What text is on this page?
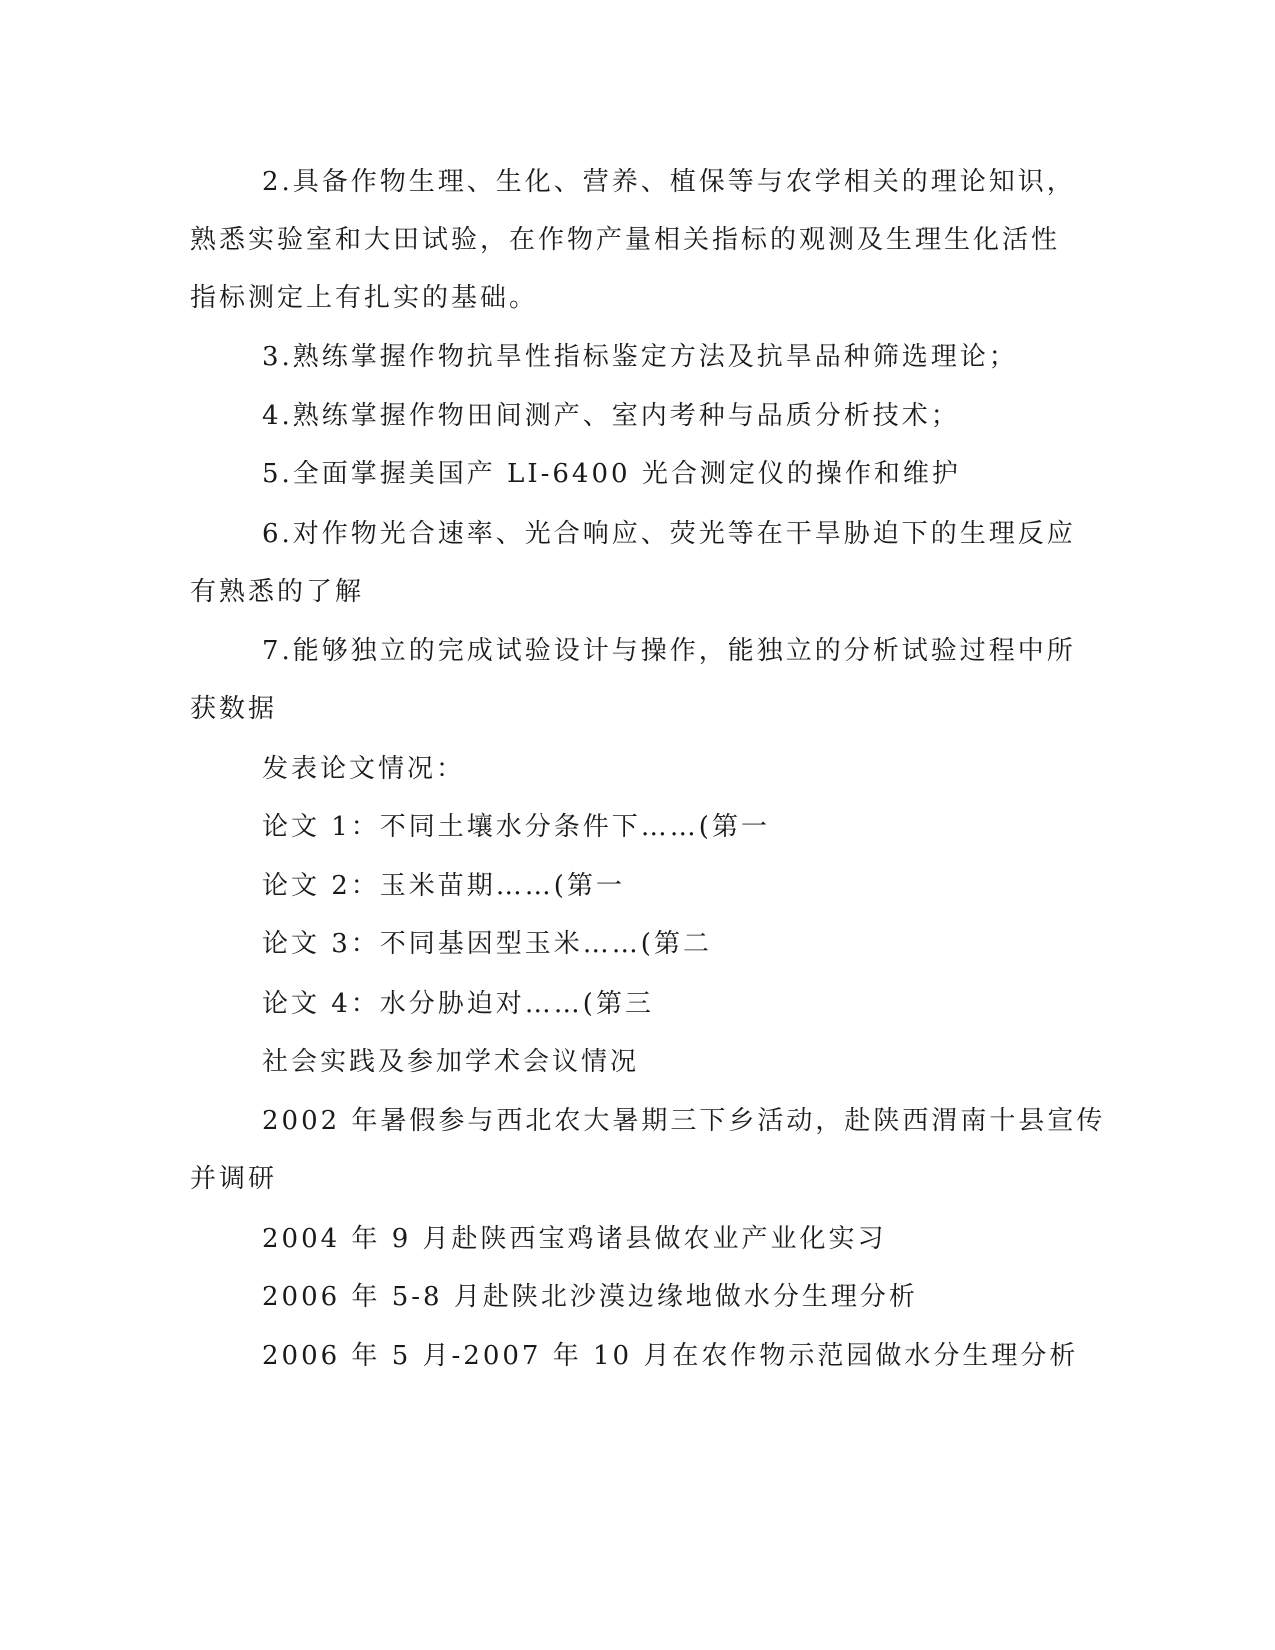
2.具备作物生理、生化、营养、植保等与农学相关的理论知识，
熟悉实验室和大田试验，在作物产量相关指标的观测及生理生化活性
指标测定上有扎实的基础。
3.熟练掌握作物抗旱性指标鉴定方法及抗旱品种筛选理论；
4.熟练掌握作物田间测产、室内考种与品质分析技术；
5.全面掌握美国产 LI-6400 光合测定仪的操作和维护
6.对作物光合速率、光合响应、荧光等在干旱胁迫下的生理反应
有熟悉的了解
7.能够独立的完成试验设计与操作，能独立的分析试验过程中所
获数据
发表论文情况：
论文 1：不同土壤水分条件下……(第一
论文 2：玉米苗期……(第一
论文 3：不同基因型玉米……(第二
论文 4：水分胁迫对……(第三
社会实践及参加学术会议情况
2002 年暑假参与西北农大暑期三下乡活动，赴陕西渭南十县宣传
并调研
2004 年 9 月赴陕西宝鸡诸县做农业产业化实习
2006 年 5-8 月赴陕北沙漠边缘地做水分生理分析
2006 年 5 月-2007 年 10 月在农作物示范园做水分生理分析
